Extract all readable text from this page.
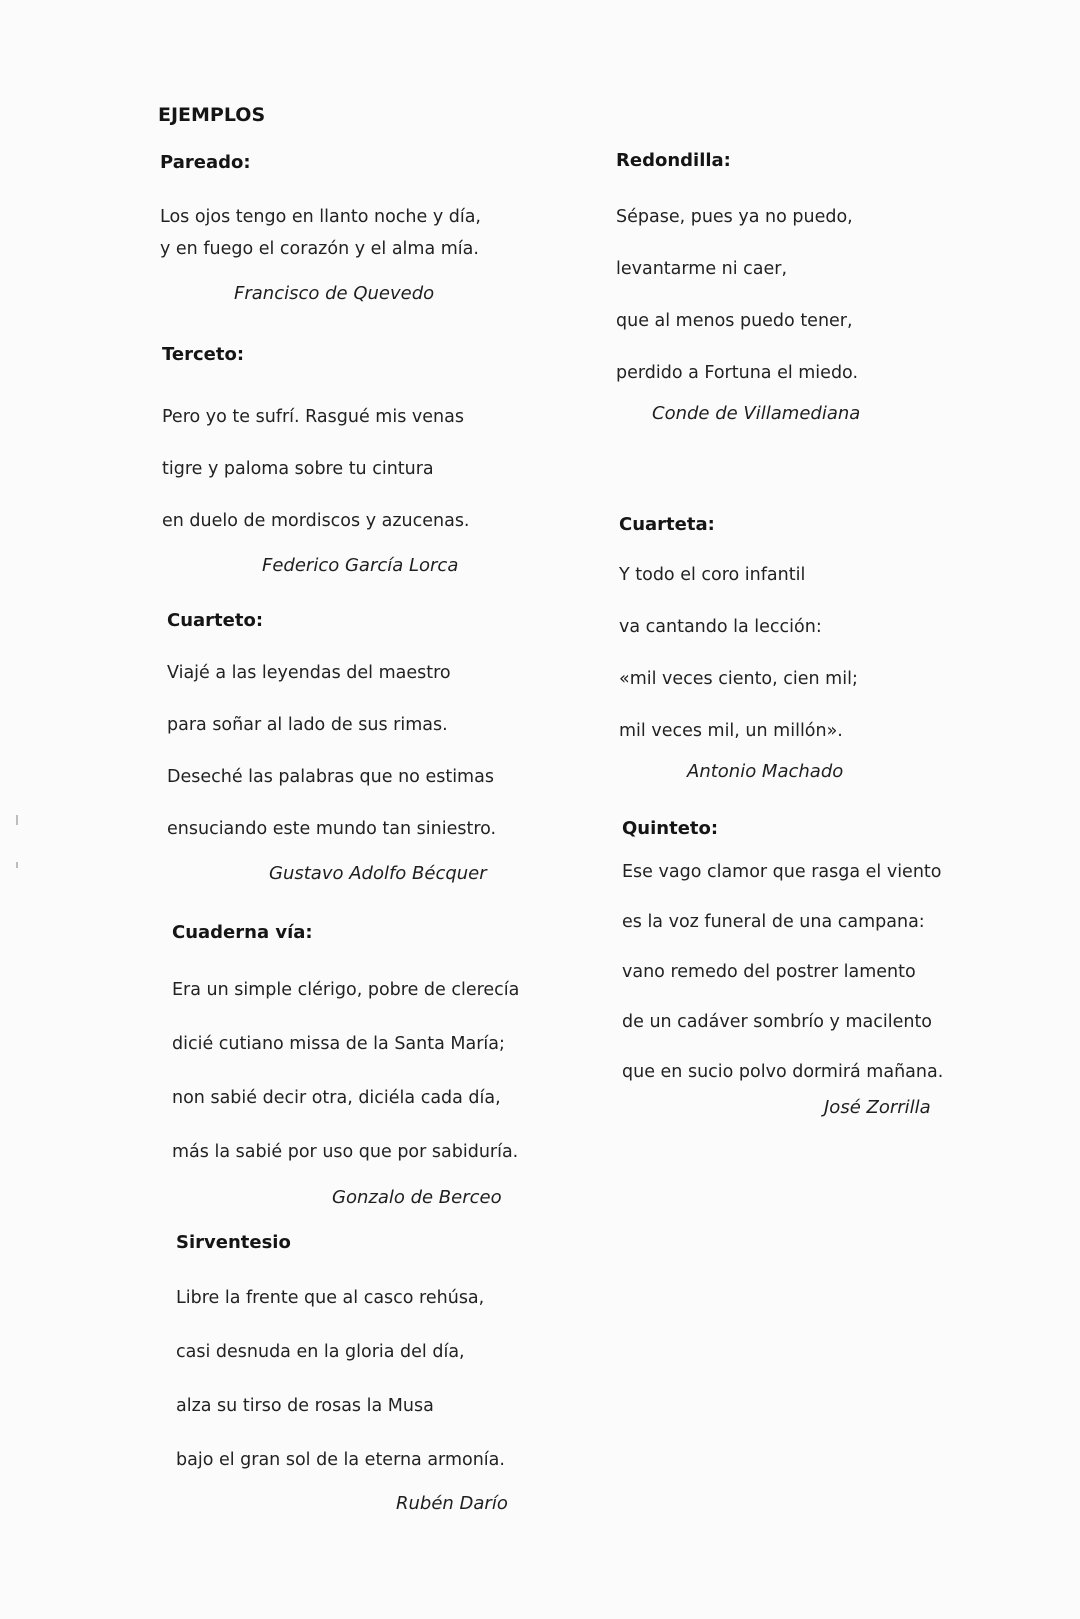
EJEMPLOS
Pareado:
Los ojos tengo en llanto noche y día,
y en fuego el corazón y el alma mía.
Francisco de Quevedo
Terceto:
Pero yo te sufrí. Rasgué mis venas
tigre y paloma sobre tu cintura
en duelo de mordiscos y azucenas.
Federico García Lorca
Cuarteto:
Viajé a las leyendas del maestro
para soñar al lado de sus rimas.
Deseché las palabras que no estimas
ensuciando este mundo tan siniestro.
Gustavo Adolfo Bécquer
Cuaderna vía:
Era un simple clérigo, pobre de clerecía
dicié cutiano missa de la Santa María;
non sabié decir otra, diciéla cada día,
más la sabié por uso que por sabiduría.
Gonzalo de Berceo
Sirventesio
Libre la frente que al casco rehúsa,
casi desnuda en la gloria del día,
alza su tirso de rosas la Musa
bajo el gran sol de la eterna armonía.
Rubén Darío
Redondilla:
Sépase, pues ya no puedo,
levantarme ni caer,
que al menos puedo tener,
perdido a Fortuna el miedo.
Conde de Villamediana
Cuarteta:
Y todo el coro infantil
va cantando la lección:
«mil veces ciento, cien mil;
mil veces mil, un millón».
Antonio Machado
Quinteto:
Ese vago clamor que rasga el viento
es la voz funeral de una campana:
vano remedo del postrer lamento
de un cadáver sombrío y macilento
que en sucio polvo dormirá mañana.
José Zorrilla
